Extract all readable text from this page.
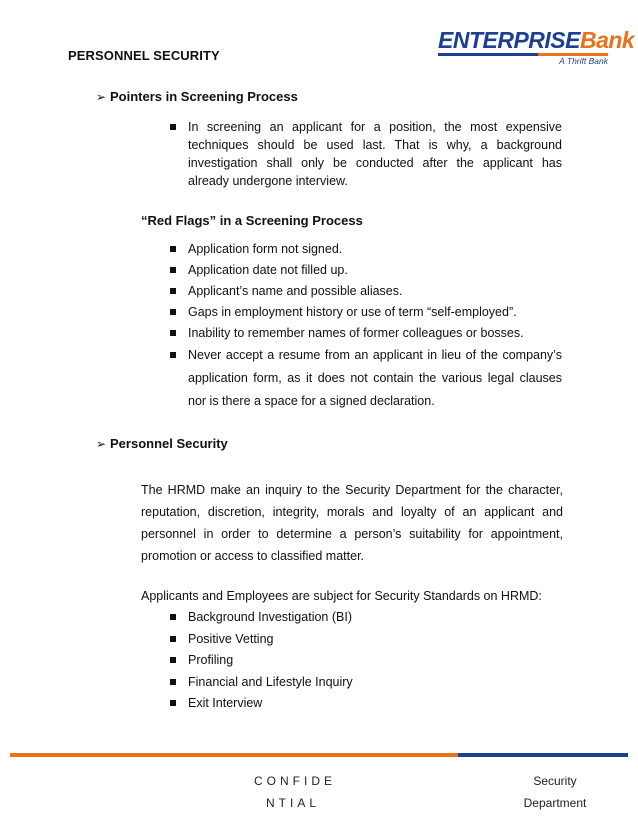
PERSONNEL SECURITY
ENTERPRISEBank
A Thrift Bank
➢ Pointers in Screening Process
In screening an applicant for a position, the most expensive techniques should be used last. That is why, a background investigation shall only be conducted after the applicant has already undergone interview.
“Red Flags” in a Screening Process
Application form not signed.
Application date not filled up.
Applicant’s name and possible aliases.
Gaps in employment history or use of term “self-employed”.
Inability to remember names of former colleagues or bosses.
Never accept a resume from an applicant in lieu of the company’s application form, as it does not contain the various legal clauses nor is there a space for a signed declaration.
➢ Personnel Security
The HRMD make an inquiry to the Security Department for the character, reputation, discretion, integrity, morals and loyalty of an applicant and personnel in order to determine a person’s suitability for appointment, promotion or access to classified matter.
Applicants and Employees are subject for Security Standards on HRMD:
Background Investigation (BI)
Positive Vetting
Profiling
Financial and Lifestyle Inquiry
Exit Interview
CONFIDE
NTIAL
Security
Department
